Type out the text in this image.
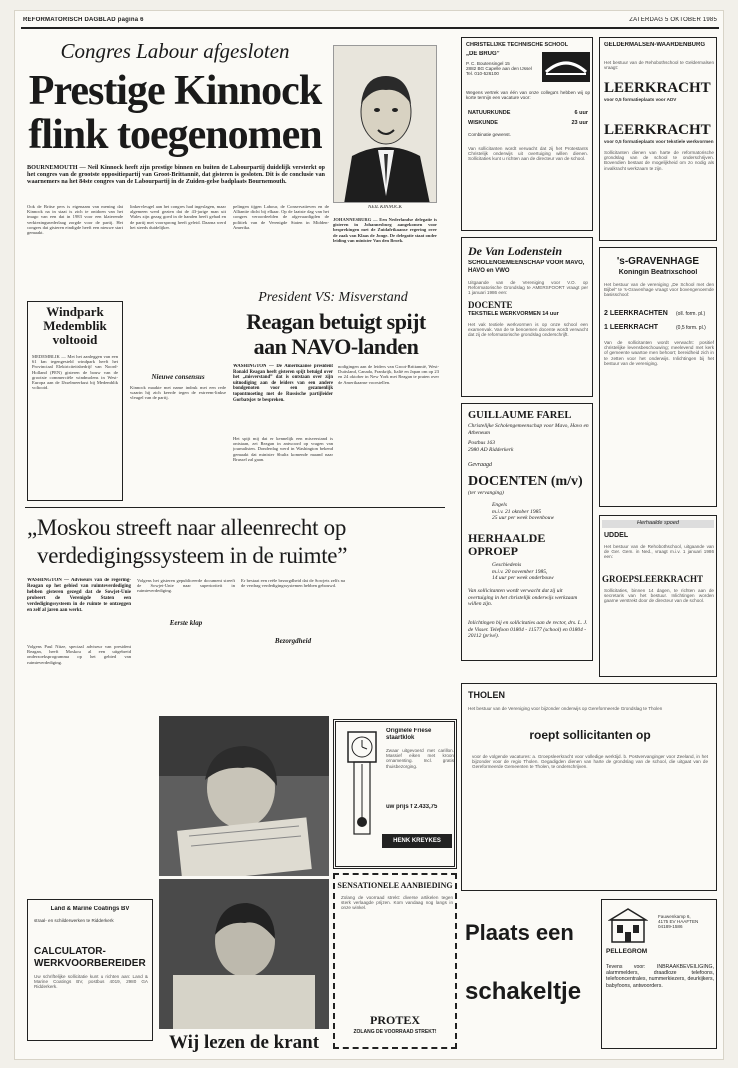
REFORMATORISCH DAGBLAD pagina 6	ZATERDAG 5 OKTOBER 1985
Congres Labour afgesloten
Prestige Kinnock
flink toegenomen
BOURNEMOUTH — Neil Kinnock heeft zijn prestige binnen en buiten de Labourpartij duidelijk versterkt op het congres van de grootste oppositiepartij van Groot-Brittannië, dat gisteren is gesloten. Dit is de conclusie van waarnemers na het 84ste congres van de Labourpartij in de Zuiden-gelse badplaats Bournemouth.
Ook de Britse pers is eigenaam van mening dat Kinnock na in staat is zich te ontdoen van het imago van een dat in 1983 voor een klaterende verkiezingsnederlaag zorgde voor de partij. Het congres dat gisteren eindigde heeft een nieuwe start gemaakt.
linkervleugel aan het congres had ingeslagen, maar algemeen werd gezien dat de 43-jarige man uit Wales zijn gezag goed in de handen heeft gehad en de partij met voorsprong heeft geleid. Daarna werd het steeds duidelijker.
Nieuwe consensus
Kinnock maakte met name indruk met een rede waarin hij zich keerde tegen de extreem-linkse vleugel van de partij.
pelingen tijgen Labour, de Conservatieven en de Alliantie dicht bij elkaar. Op de laatste dag van het congres veroordeelden de afgevaardigden de politiek van de Verenigde Staten in Midden-Amerika.
NEIL KINNOCK
JOHANNESBURG — Een Nederlandse delegatie is gisteren in Johannesburg aangekomen voor besprekingen met de Zuidafrikaanse regering over de zaak van Klaas de Jonge. De delegatie staat onder leiding van minister Van den Broek.
Windpark Medemblik voltooid
MEDEMBLIK — Met het aanleggen van een 61 km tegengesteld windpark heeft het Provinciaal Elektriciteitsbedrijf van Noord-Holland (PEN) gisteren de bouw van de grootste commerciële windmolens in West-Europa aan de IJsselmeerkust bij Medemblik voltooid.
President VS: Misverstand
Reagan betuigt spijt
aan NAVO-landen
WASHINGTON — De Amerikaanse president Ronald Reagan heeft gisteren spijt betuigd over het „misverstand” dat is ontstaan over zijn uitnodiging aan de leiders van een andere bondgenoten voor een gezamenlijk topontmoeting met de Russische partijleider Gorbatsjov te bespreken.
Het spijt mij dat er kennelijk een misverstand is ontstaan, zei Reagan in antwoord op vragen van journalisten. Donderdag werd in Washington bekend gemaakt dat minister Shultz komende maand naar Brussel zal gaan.
nodigingen aan de leiders van Groot-Brittannië, West-Duitsland, Canada, Frankrijk, Italië en Japan om op 23 en 24 oktober in New York met Reagan te praten over de Amerikaanse voorstellen.
„Moskou streeft naar alleenrecht op
verdedigingssysteem in de ruimte”
WASHINGTON — Adviseurs van de regering-Reagan op het gebied van ruimteverdediging hebben gisteren gezegd dat de Sowjet-Unie probeert de Verenigde Staten een verdedigingssysteem in de ruimte te ontzeggen en zelf al jaren aan werkt.
Volgens Paul Nitze, speciaal adviseur van president Reagan, heeft Moskou al een uitgebreid onderzoeksprogramma op het gebied van ruimteverdediging.
Volgens het gisteren gepubliceerde document streeft de Sowjet-Unie naar superioriteit in ruimteverdediging.
Eerste klap
Er bestaat een reële bezorgdheid dat de Sowjets zelfs na de verdrag verdedigingssystemen hebben gebouwd.
Bezorgdheid
Wij lezen de krant
Land & Marine Coatings BV
straal- en schilderwerken te Ridderkerk
CALCULATOR-
WERKVOORBEREIDER
Uw schriftelijke sollicitatie kunt u richten aan: Land & Marine Coatings BV, postbus 4019, 2980 GA Ridderkerk.
Originele Friese staartklok
Zwaar uitgevoerd met carillon. Massief eiken met kroon ornamenting. Incl. gratis thuisbezorging.
uw prijs f 2.433,75
HENK KREYKES
SENSATIONELE AANBIEDING
Zolang de voorraad strekt: diverse artikelen tegen sterk verlaagde prijzen. Kom vandaag nog langs in onze winkel.
PROTEX
ZOLANG DE VOORRAAD STREKT!
CHRISTELIJKE TECHNISCHE SCHOOL
„DE BRUG”
P. C. Boutensingel 15
2882 BG Capelle aan den IJssel
Tel. 010-526100
Wegens vertrek van één van onze collega's hebben wij op korte termijn een vacature voor:
NATUURKUNDE	6 uur
WISKUNDE	23 uur
Combinatie gewenst.
Van sollicitanten wordt verwacht dat zij het Protestants Christelijk onderwijs uit overtuiging willen dienen. Sollicitaties kunt u richten aan de directeur van de school.
GELDERMALSEN-WAARDENBURG
Het bestuur van de Rehobothschool te Geldermalsen vraagt:
LEERKRACHT
voor 0,5 formatieplaats voor ADV
LEERKRACHT
voor 0,5 formatieplaats voor tekstiele werkvormen
Sollicitanten dienen van harte de reformatorische grondslag van de school te onderschrijven. Bovendien bestaat de mogelijkheid om zo nodig als invalkracht werkzaam te zijn.
De Van Lodenstein
SCHOLENGEMEENSCHAP VOOR MAVO, HAVO en VWO
Uitgaande van de Vereniging voor V.O. op Reformatorische Grondslag te AMERSFOORT vraagt per 1 januari 1986 een:
DOCENTE
TEKSTIELE WERKVORMEN 14 uur
Het vak textiele werkvormen is op onze school een examenvak. Van de te benoemen docente wordt verwacht dat zij de reformatorische grondslag onderschrijft.
's-GRAVENHAGE
Koningin Beatrixschool
Het bestuur van de vereniging „De School met den Bijbel” te 's-Gravenhage vraagt voor bovengenoemde basisschool:
2 LEERKRACHTEN	(oll. form. pl.)
1 LEERKRACHT	(0,5 form. pl.)
Van de sollicitanten wordt verwacht: positief christelijke levensbeschouwing; meelevend met kerk of gemeente waartoe men behoort; bereidheid zich in te zetten voor het onderwijs. Inlichtingen bij het bestuur van de vereniging.
GUILLAUME FAREL
Christelijke Scholengemeenschap voor Mavo, Havo en Atheneum
Postbus 163
2980 AD Ridderkerk
Gevraagd
DOCENTEN (m/v)
(ter vervanging)
Engels
m.i.v. 21 oktober 1985
25 uur per week bovenbouw
HERHAALDE
OPROEP
Geschiedenis
m.i.v. 20 november 1985,
14 uur per week onderbouw
Van sollicitanten wordt verwacht dat zij uit overtuiging in het christelijk onderwijs werkzaam willen zijn.
Inlichtingen bij en sollicitaties aan de rector, drs. L. J. de Visser. Telefoon 01804 - 11577 (school) en 01804 - 20112 (privé).
Herhaalde spoed
UDDEL
Het bestuur van de Rehobothschool, uitgaande van de Ger. Gem. in Ned., vraagt m.i.v. 1 januari 1986 een:
GROEPSLEERKRACHT
Sollicitaties, binnen 14 dagen, te richten aan de secretaris van het bestuur. Inlichtingen worden gaarne verstrekt door de directeur van de school.
THOLEN
Het bestuur van de Vereniging voor bijzonder onderwijs op Gereformeerde Grondslag te Tholen
roept sollicitanten op
voor de volgende vacatures: a. Groepsleerkracht voor volledige werktijd. b. Postvervanginger voor Zeeland, in het bijzonder voor de regio Tholen. Gegadigden dienen van harte de grondslag van de school, die uitgaat van de Gereformeerde Gemeenten te Tholen, te onderschrijven.
Plaats een
schakeltje
PELLEGROM
Fauwenkamp 6,
4175 EV HAAFTEN
04189-1586
Tevens voor: INBRAAKBEVEILIGING, alarmmelders, draadloze telefoons, telefooncentrales, nummerkiezers, deurkijkers, babyfoons, antwoorders.
